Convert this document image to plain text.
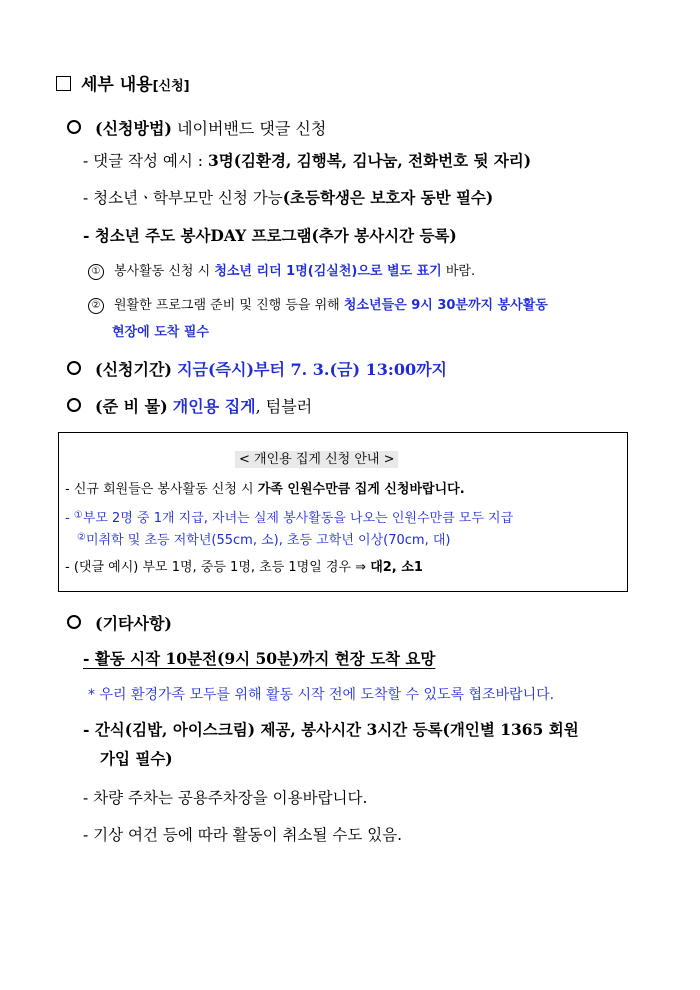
세부 내용[신청]
(신청방법) 네이버밴드 댓글 신청
- 댓글 작성 예시 : 3명(김환경, 김행복, 김나눔, 전화번호 뒷 자리)
- 청소년ㆍ학부모만 신청 가능(초등학생은 보호자 동반 필수)
- 청소년 주도 봉사DAY 프로그램(추가 봉사시간 등록)
① 봉사활동 신청 시 청소년 리더 1명(김실천)으로 별도 표기 바람.
② 원활한 프로그램 준비 및 진행 등을 위해 청소년들은 9시 30분까지 봉사활동
현장에 도착 필수
(신청기간) 지금(즉시)부터 7. 3.(금) 13:00까지
(준 비 물) 개인용 집게, 텀블러
< 개인용 집게 신청 안내 >
- 신규 회원들은 봉사활동 신청 시 가족 인원수만큼 집게 신청바랍니다.
- ①부모 2명 중 1개 지급, 자녀는 실제 봉사활동을 나오는 인원수만큼 모두 지급
②미취학 및 초등 저학년(55cm, 소), 초등 고학년 이상(70cm, 대)
- (댓글 예시) 부모 1명, 중등 1명, 초등 1명일 경우 ⇒ 대2, 소1
(기타사항)
- 활동 시작 10분전(9시 50분)까지 현장 도착 요망
* 우리 환경가족 모두를 위해 활동 시작 전에 도착할 수 있도록 협조바랍니다.
- 간식(김밥, 아이스크림) 제공, 봉사시간 3시간 등록(개인별 1365 회원
가입 필수)
- 차량 주차는 공용주차장을 이용바랍니다.
- 기상 여건 등에 따라 활동이 취소될 수도 있음.
